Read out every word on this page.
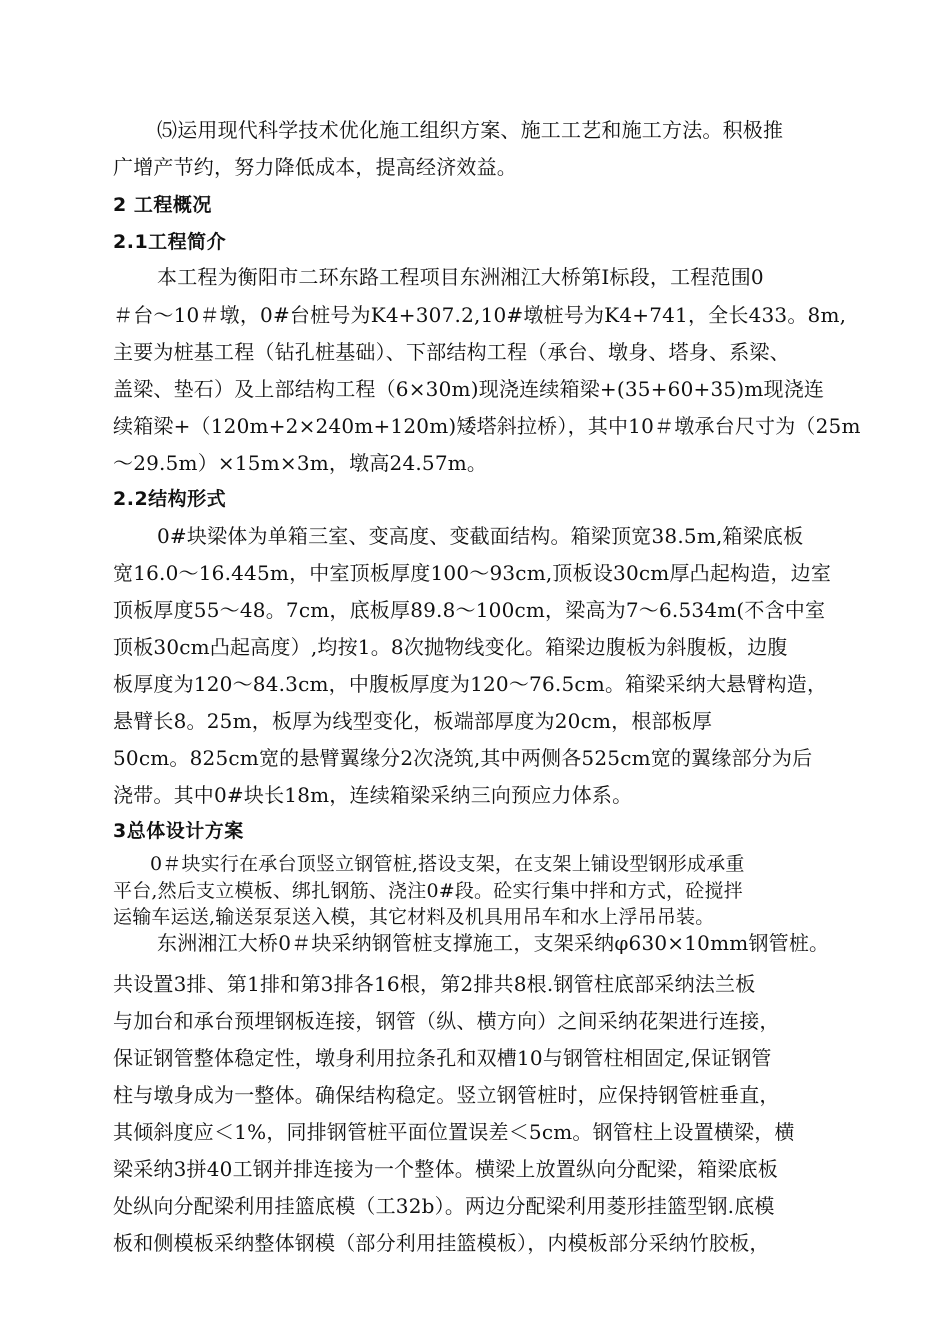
⑸运用现代科学技术优化施工组织方案、施工工艺和施工方法。积极推
广增产节约，努力降低成本，提高经济效益。
2 工程概况
2.1工程简介
本工程为衡阳市二环东路工程项目东洲湘江大桥第Ⅰ标段，工程范围0
＃台～10＃墩，0#台桩号为K4+307.2,10#墩桩号为K4+741，全长433。8m,
主要为桩基工程（钻孔桩基础）、下部结构工程（承台、墩身、塔身、系梁、
盖梁、垫石）及上部结构工程（6×30m)现浇连续箱梁+(35+60+35)m现浇连
续箱梁+（120m+2×240m+120m)矮塔斜拉桥），其中10＃墩承台尺寸为（25m
～29.5m）×15m×3m，墩高24.57m。
2.2结构形式
0#块梁体为单箱三室、变高度、变截面结构。箱梁顶宽38.5m,箱梁底板
宽16.0～16.445m，中室顶板厚度100～93cm,顶板设30cm厚凸起构造，边室
顶板厚度55～48。7cm，底板厚89.8～100cm，梁高为7～6.534m(不含中室
顶板30cm凸起高度）,均按1。8次抛物线变化。箱梁边腹板为斜腹板，边腹
板厚度为120～84.3cm，中腹板厚度为120～76.5cm。箱梁采纳大悬臂构造，
悬臂长8。25m，板厚为线型变化，板端部厚度为20cm，根部板厚
50cm。825cm宽的悬臂翼缘分2次浇筑,其中两侧各525cm宽的翼缘部分为后
浇带。其中0#块长18m，连续箱梁采纳三向预应力体系。
3总体设计方案
0＃块实行在承台顶竖立钢管桩,搭设支架，在支架上铺设型钢形成承重
平台,然后支立模板、绑扎钢筋、浇注0#段。砼实行集中拌和方式，砼搅拌
运输车运送,输送泵泵送入模，其它材料及机具用吊车和水上浮吊吊装。
东洲湘江大桥0＃块采纳钢管桩支撑施工，支架采纳φ630×10mm钢管桩。
共设置3排、第1排和第3排各16根，第2排共8根.钢管柱底部采纳法兰板
与加台和承台预埋钢板连接，钢管（纵、横方向）之间采纳花架进行连接，
保证钢管整体稳定性，墩身利用拉条孔和双槽10与钢管柱相固定,保证钢管
柱与墩身成为一整体。确保结构稳定。竖立钢管桩时，应保持钢管桩垂直，
其倾斜度应＜1%，同排钢管桩平面位置误差＜5cm。钢管柱上设置横梁，横
梁采纳3拼40工钢并排连接为一个整体。横梁上放置纵向分配梁，箱梁底板
处纵向分配梁利用挂篮底模（工32b）。两边分配梁利用菱形挂篮型钢.底模
板和侧模板采纳整体钢模（部分利用挂篮模板），内模板部分采纳竹胶板，
